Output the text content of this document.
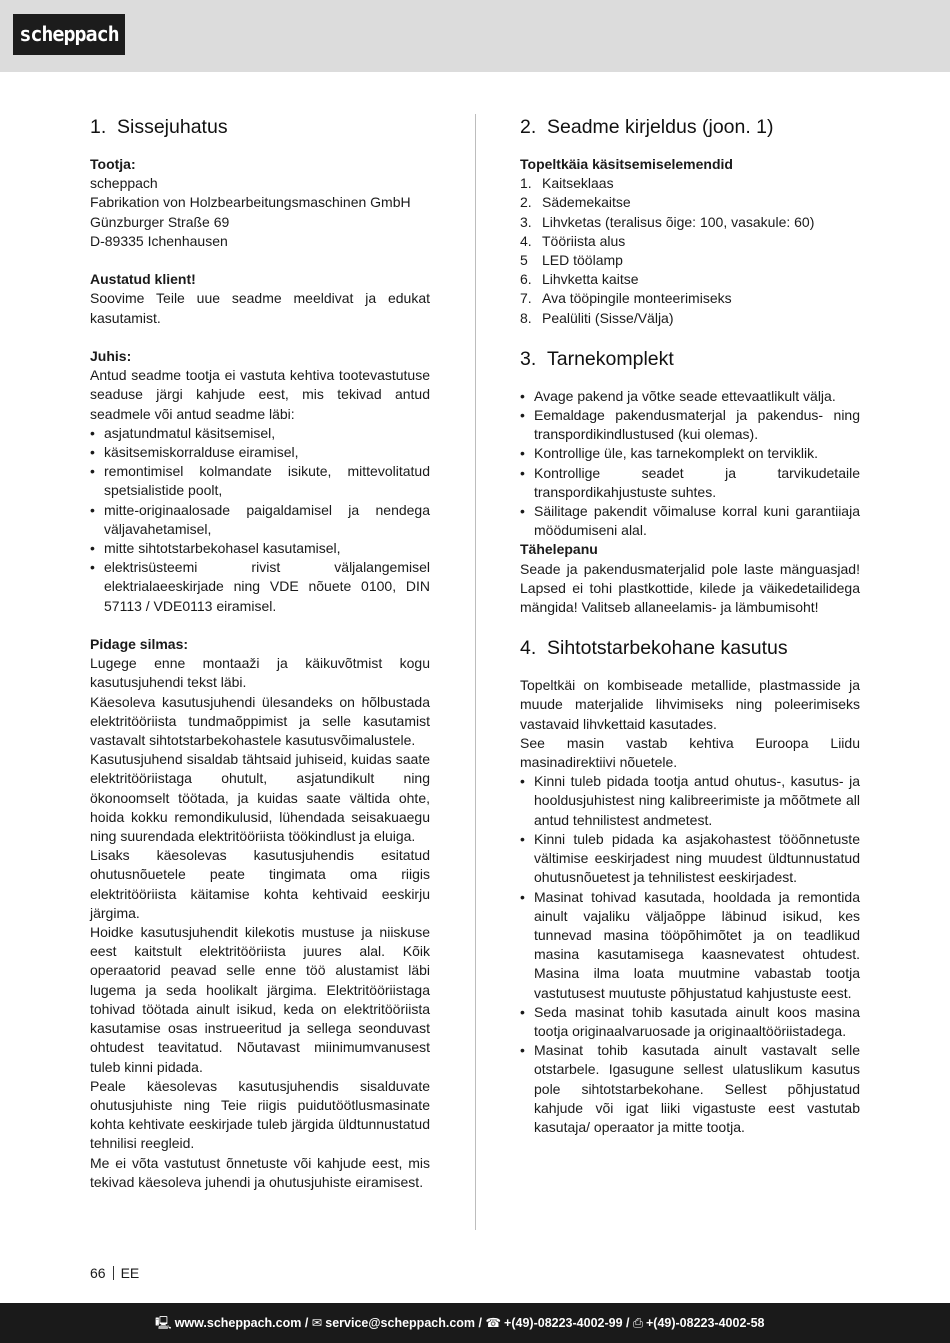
scheppach
1. Sissejuhatus

Tootja:

scheppach
Fabrikation von Holzbearbeitungsmaschinen GmbH
Günzburger Straße 69
D-89335 Ichenhausen

Austatud klient!

Soovime Teile uue seadme meeldivat ja edukat kasutamist.

Juhis:

Antud seadme tootja ei vastuta kehtiva tootevastutuse seaduse järgi kahjude eest, mis tekivad antud seadmele või antud seadme läbi:

• asjatundmatul käsitsemisel,
• käsitsemiskorralduse eiramisel,
• remontimisel kolmandate isikute, mittevolitatud spetsialistide poolt,
• mitte-originaalosade paigaldamisel ja nendega väljavahetamisel,
• mitte sihtotstarbekohasel kasutamisel,
• elektrisüsteemi rivist väljalangemisel elektrialaeeskirjade ning VDE nõuete 0100, DIN 57113 / VDE0113 eiramisel.

Pidage silmas:

Lugege enne montaaži ja käikuvõtmist kogu kasutusjuhendi tekst läbi.

Käesoleva kasutusjuhendi ülesandeks on hõlbustada elektritööriista tundmaõppimist ja selle kasutamist vastavalt sihtotstarbekohastele kasutusvõimalustele.

Kasutusjuhend sisaldab tähtsaid juhiseid, kuidas saate elektritööriistaga ohutult, asjatundikult ning ökonoomselt töötada, ja kuidas saate vältida ohte, hoida kokku remondikulusid, lühendada seisakuaegu ning suurendada elektritööriista töökindlust ja eluiga.

Lisaks käesolevas kasutusjuhendis esitatud ohutusnõuetele peate tingimata oma riigis elektritööriista käitamise kohta kehtivaid eeskirju järgima.

Hoidke kasutusjuhendit kilekotis mustuse ja niiskuse eest kaitstult elektritööriista juures alal. Kõik operaatorid peavad selle enne töö alustamist läbi lugema ja seda hoolikalt järgima. Elektritööriistaga tohivad töötada ainult isikud, keda on elektritööriista kasutamise osas instrueeritud ja sellega seonduvast ohtudest teavitatud. Nõutavast miinimumvanusest tuleb kinni pidada.

Peale käesolevas kasutusjuhendis sisalduvate ohutusjuhiste ning Teie riigis puidutöötlusmasinate kohta kehtivate eeskirjade tuleb järgida üldtunnustatud tehnilisi reegleid.

Me ei võta vastutust õnnetuste või kahjude eest, mis tekivad käesoleva juhendi ja ohutusjuhiste eiramisest.

2. Seadme kirjeldus (joon. 1)

Topeltkäia käsitsemiselemendid

1. Kaitseklaas
2. Sädemekaitse
3. Lihvketas (teralisus õige: 100, vasakule: 60)
4. Tööriista alus
5 LED töölamp
6. Lihvketta kaitse
7. Ava tööpingile monteerimiseks
8. Pealüliti (Sisse/Välja)
3. Tarnekomplekt
• Avage pakend ja võtke seade ettevaatlikult välja.
• Eemaldage pakendusmaterjal ja pakendus- ning transpordikindlustused (kui olemas).
• Kontrollige üle, kas tarnekomplekt on terviklik.
• Kontrollige seadet ja tarvikudetaile transpordikahjustuste suhtes.
• Säilitage pakendit võimaluse korral kuni garantiiaja möödumiseni alal.

Tähelepanu

Seade ja pakendusmaterjalid pole laste mänguasjad! Lapsed ei tohi plastkottide, kilede ja väikedetailidega mängida! Valitseb allaneelamis- ja lämbumisoht!

4. Sihtotstarbekohane kasutus

Topeltkäi on kombiseade metallide, plastmasside ja muude materjalide lihvimiseks ning poleerimiseks vastavaid lihvkettaid kasutades.

See masin vastab kehtiva Euroopa Liidu masinadirektiivi nõuetele.

• Kinni tuleb pidada tootja antud ohutus-, kasutus- ja hooldusjuhistest ning kalibreerimiste ja mõõtmete all antud tehnilistest andmetest.
• Kinni tuleb pidada ka asjakohastest tööõnnetuste vältimise eeskirjadest ning muudest üldtunnustatud ohutusnõuetest ja tehnilistest eeskirjadest.
• Masinat tohivad kasutada, hooldada ja remontida ainult vajaliku väljaõppe läbinud isikud, kes tunnevad masina tööpõhimõtet ja on teadlikud masina kasutamisega kaasnevatest ohtudest. Masina ilma loata muutmine vabastab tootja vastutusest muutuste põhjustatud kahjustuste eest.
• Seda masinat tohib kasutada ainult koos masina tootja originaalvaruosade ja originaaltööriistadega.
• Masinat tohib kasutada ainult vastavalt selle otstarbele. Igasugune sellest ulatuslikum kasutus pole sihtotstarbekohane. Sellest põhjustatud kahjude või igat liiki vigastuste eest vastutab kasutaja/ operaator ja mitte tootja.
66 EE
🖳 www.scheppach.com / ✉ service@scheppach.com / ☎ +(49)-08223-4002-99 / ⎙ +(49)-08223-4002-58
